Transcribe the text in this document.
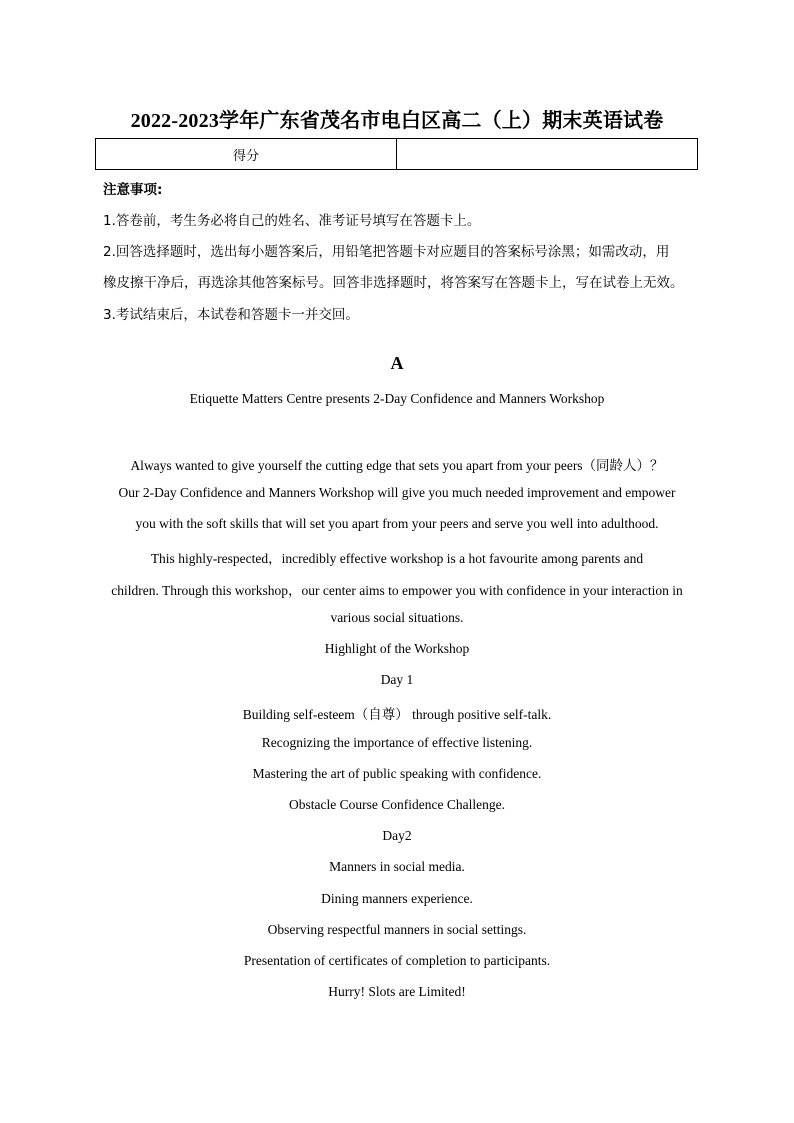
2022-2023学年广东省茂名市电白区高二（上）期末英语试卷
得分	
注意事项:
1.答卷前，考生务必将自己的姓名、准考证号填写在答题卡上。
2.回答选择题时，选出每小题答案后，用铅笔把答题卡对应题目的答案标号涂黑；如需改动，用
橡皮擦干净后，再选涂其他答案标号。回答非选择题时，将答案写在答题卡上，写在试卷上无效。
3.考试结束后，本试卷和答题卡一并交回。
A
Etiquette Matters Centre presents 2-Day Confidence and Manners Workshop
Always wanted to give yourself the cutting edge that sets you apart from your peers（同龄人）？
Our 2-Day Confidence and Manners Workshop will give you much needed improvement and empower
you with the soft skills that will set you apart from your peers and serve you well into adulthood.
This highly-respected，incredibly effective workshop is a hot favourite among parents and
children. Through this workshop，our center aims to empower you with confidence in your interaction in
various social situations.
Highlight of the Workshop
Day 1
Building self-esteem（自尊） through positive self-talk.
Recognizing the importance of effective listening.
Mastering the art of public speaking with confidence.
Obstacle Course Confidence Challenge.
Day2
Manners in social media.
Dining manners experience.
Observing respectful manners in social settings.
Presentation of certificates of completion to participants.
Hurry! Slots are Limited!
